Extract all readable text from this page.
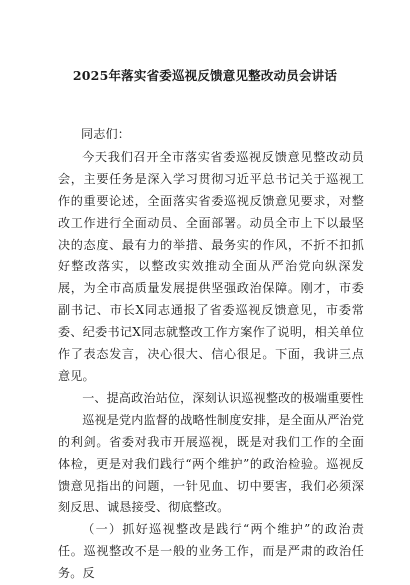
2025年落实省委巡视反馈意见整改动员会讲话

同志们：

今天我们召开全市落实省委巡视反馈意见整改动员会，主要任务是深入学习贯彻习近平总书记关于巡视工作的重要论述，全面落实省委巡视反馈意见要求，对整改工作进行全面动员、全面部署。动员全市上下以最坚决的态度、最有力的举措、最务实的作风，不折不扣抓好整改落实，以整改实效推动全面从严治党向纵深发展，为全市高质量发展提供坚强政治保障。刚才，市委副书记、市长X同志通报了省委巡视反馈意见，市委常委、纪委书记X同志就整改工作方案作了说明，相关单位作了表态发言，决心很大、信心很足。下面，我讲三点意见。

一、提高政治站位，深刻认识巡视整改的极端重要性

巡视是党内监督的战略性制度安排，是全面从严治党的利剑。省委对我市开展巡视，既是对我们工作的全面体检，更是对我们践行“两个维护”的政治检验。巡视反馈意见指出的问题，一针见血、切中要害，我们必须深刻反思、诚恳接受、彻底整改。

（一）抓好巡视整改是践行“两个维护”的政治责任。巡视整改不是一般的业务工作，而是严肃的政治任务。反
